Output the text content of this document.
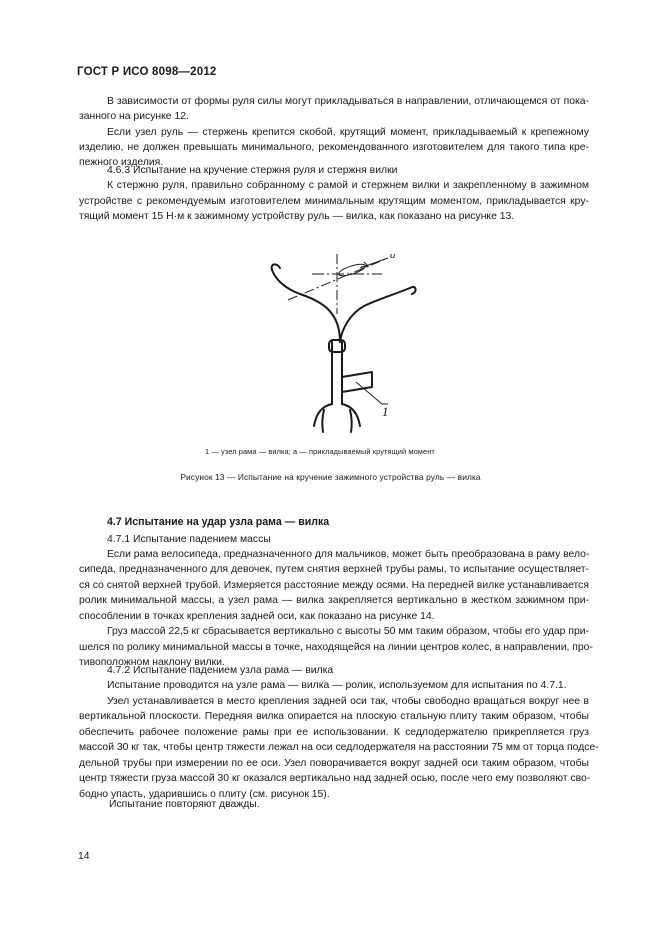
ГОСТ Р ИСО 8098—2012
В зависимости от формы руля силы могут прикладываться в направлении, отличающемся от пока-
занного на рисунке 12.
Если узел руль — стержень крепится скобой, крутящий момент, прикладываемый к крепежному
изделию, не должен превышать минимального, рекомендованного изготовителем для такого типа кре-
пежного изделия.
4.6.3 Испытание на кручение стержня руля и стержня вилки
К стержню руля, правильно собранному с рамой и стержнем вилки и закрепленному в зажимном
устройстве с рекомендуемым изготовителем минимальным крутящим моментом, прикладывается кру-
тящий момент 15 Н·м к зажимному устройству руль — вилка, как показано на рисунке 13.
a
1
1 — узел рама — вилка; a — прикладываемый крутящий момент
Рисунок 13 — Испытание на кручение зажимного устройства руль — вилка
4.7 Испытание на удар узла рама — вилка
4.7.1 Испытание падением массы
Если рама велосипеда, предназначенного для мальчиков, может быть преобразована в раму вело-
сипеда, предназначенного для девочек, путем снятия верхней трубы рамы, то испытание осуществляет-
ся со снятой верхней трубой. Измеряется расстояние между осями. На передней вилке устанавливается
ролик минимальной массы, а узел рама — вилка закрепляется вертикально в жестком зажимном при-
способлении в точках крепления задней оси, как показано на рисунке 14.
Груз массой 22,5 кг сбрасывается вертикально с высоты 50 мм таким образом, чтобы его удар при-
шелся по ролику минимальной массы в точке, находящейся на линии центров колес, в направлении, про-
тивоположном наклону вилки.
4.7.2 Испытание падением узла рама — вилка
Испытание проводится на узле рама — вилка — ролик, используемом для испытания по 4.7.1.
Узел устанавливается в место крепления задней оси так, чтобы свободно вращаться вокруг нее в
вертикальной плоскости. Передняя вилка опирается на плоскую стальную плиту таким образом, чтобы
обеспечить рабочее положение рамы при ее использовании. К седлодержателю прикрепляется груз
массой 30 кг так, чтобы центр тяжести лежал на оси седлодержателя на расстоянии 75 мм от торца подсе-
дельной трубы при измерении по ее оси. Узел поворачивается вокруг задней оси таким образом, чтобы
центр тяжести груза массой 30 кг оказался вертикально над задней осью, после чего ему позволяют сво-
бодно упасть, ударившись о плиту (см. рисунок 15).
Испытание повторяют дважды.
14
